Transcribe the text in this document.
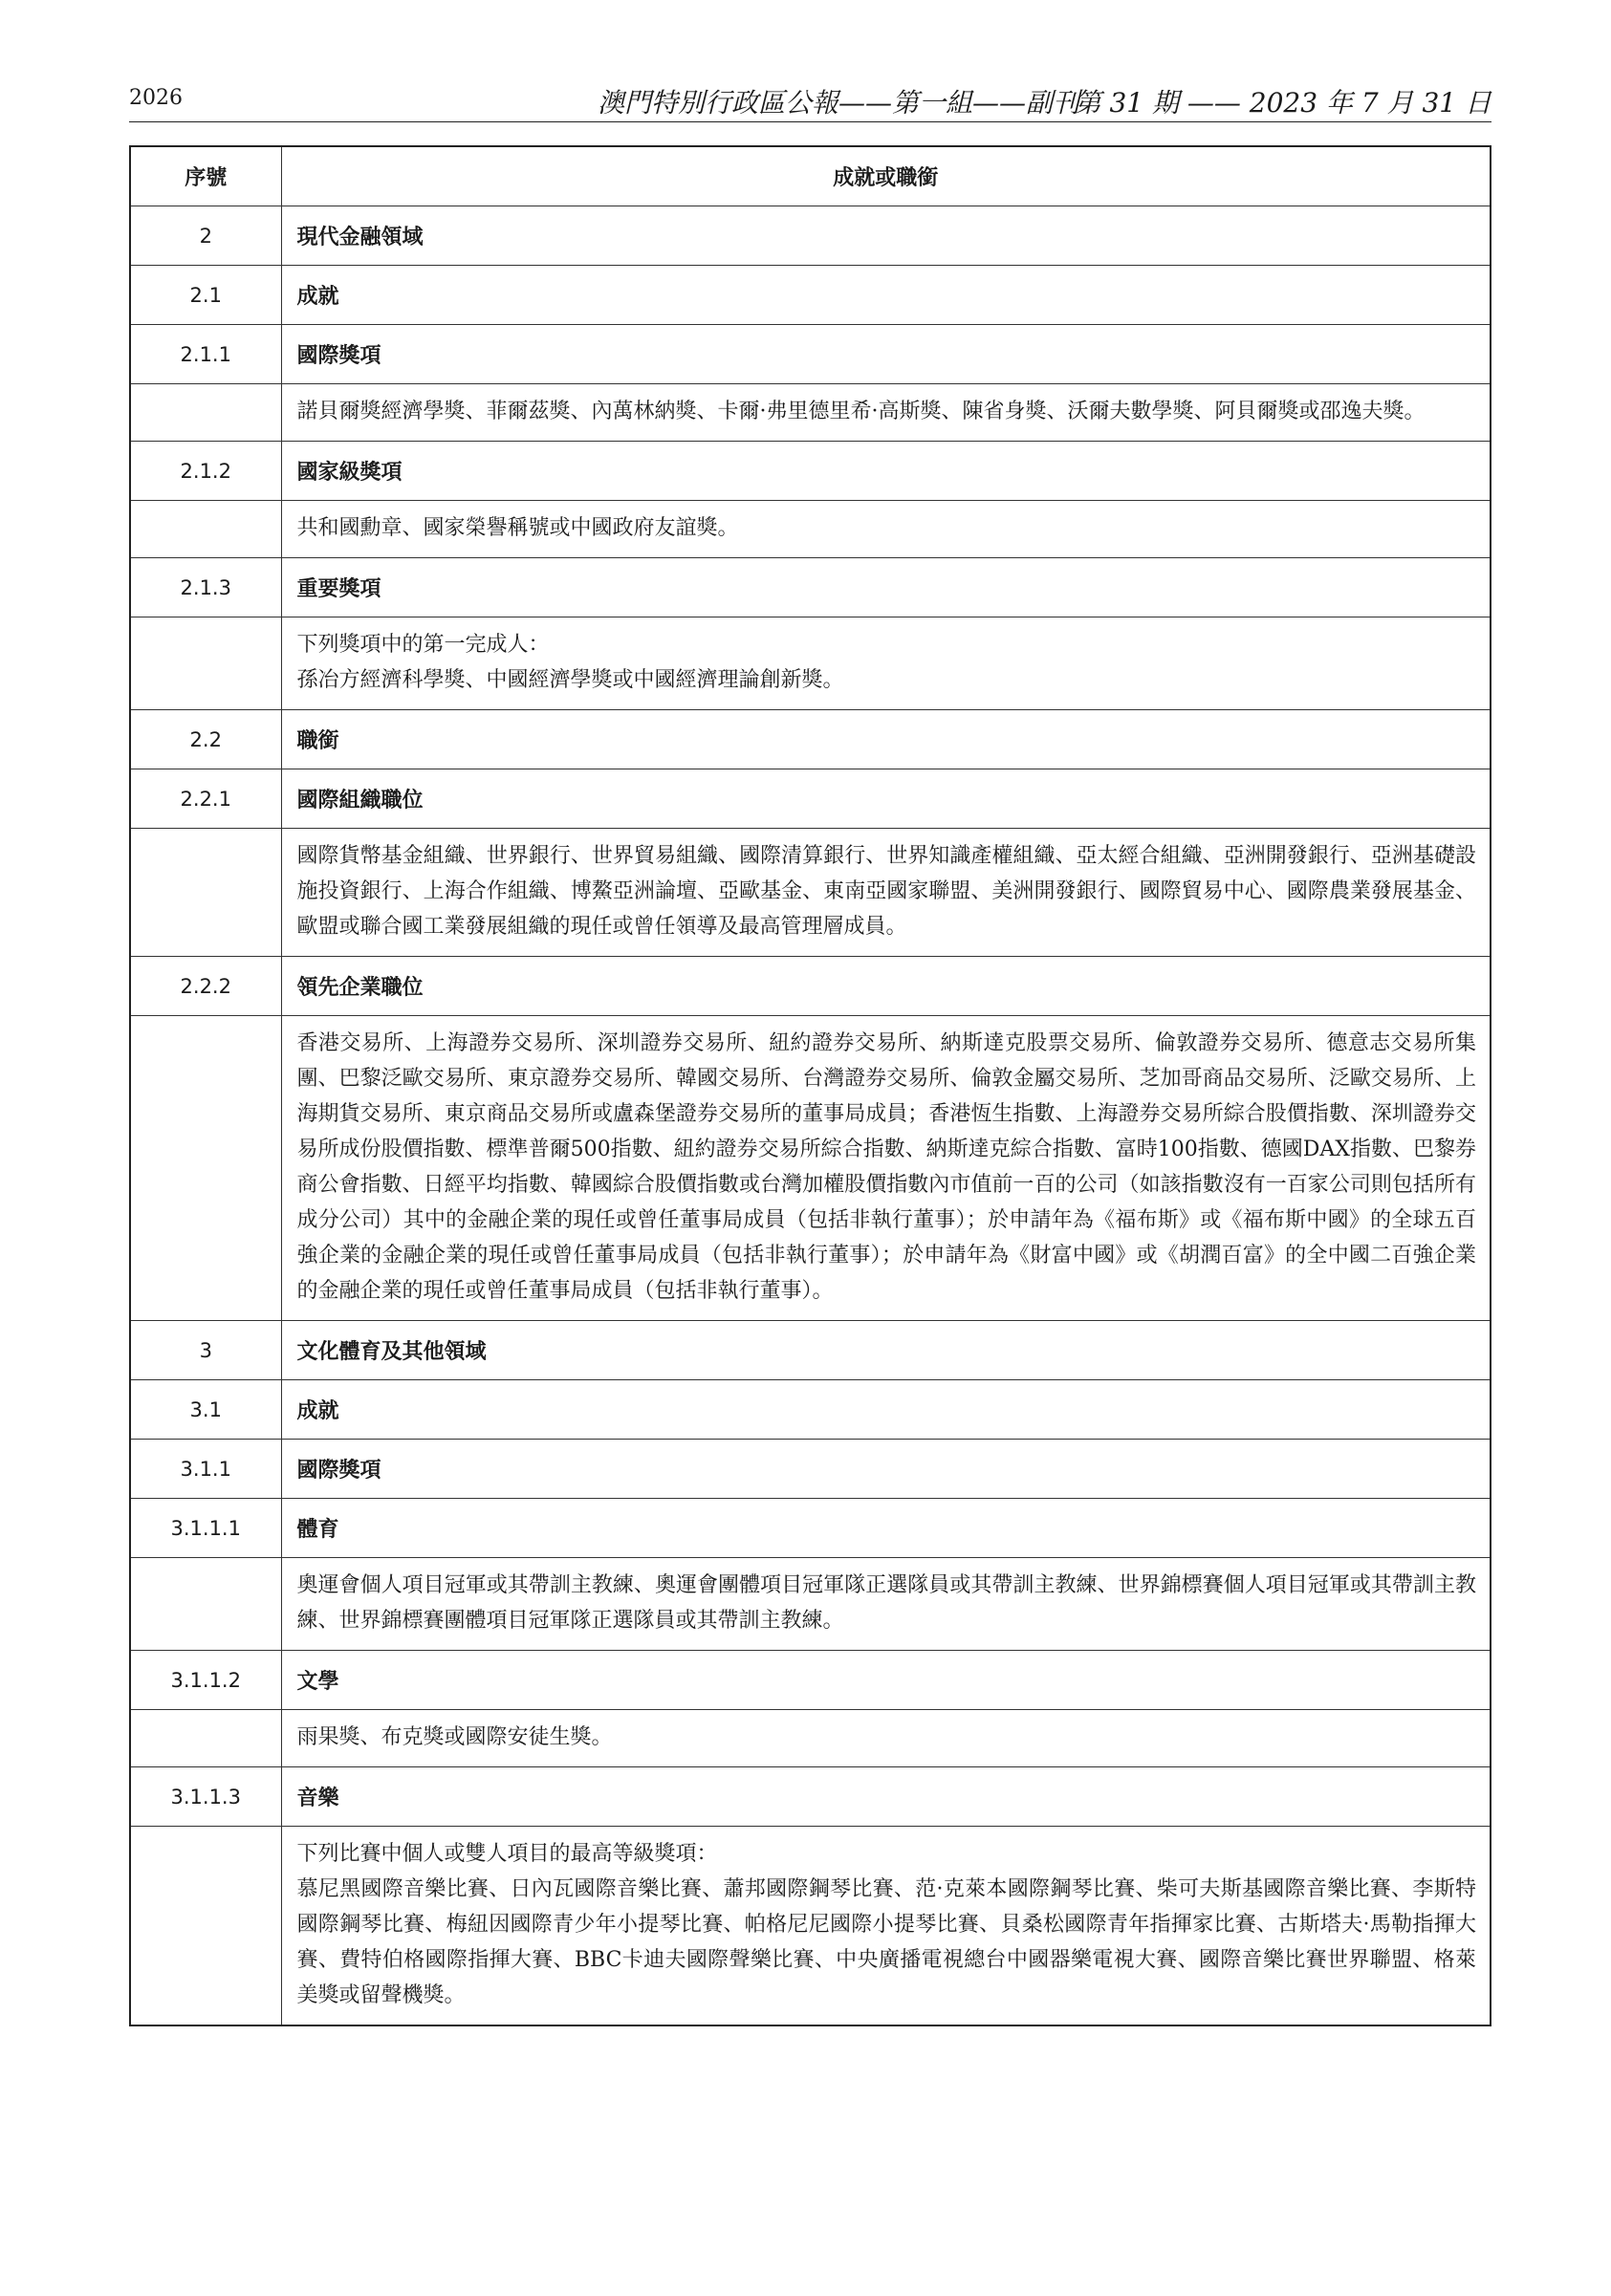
2026	澳門特別行政區公報——第一組——副刊
第 31 期 —— 2023 年 7 月 31 日
序號	成就或職銜
2	現代金融領域
2.1	成就
2.1.1	國際獎項

	諾貝爾獎經濟學獎、菲爾茲獎、內萬林納獎、卡爾·弗里德里希·高斯獎、陳省身獎、沃爾夫數學獎、阿貝爾獎或邵逸夫獎。

2.1.2	國家級獎項

	共和國勳章、國家榮譽稱號或中國政府友誼獎。

2.1.3	重要獎項

	下列獎項中的第一完成人：
孫冶方經濟科學獎、中國經濟學獎或中國經濟理論創新獎。

2.2	職銜
2.2.1	國際組織職位

	國際貨幣基金組織、世界銀行、世界貿易組織、國際清算銀行、世界知識產權組織、亞太經合組織、亞洲開發銀行、亞洲基礎設施投資銀行、上海合作組織、博鰲亞洲論壇、亞歐基金、東南亞國家聯盟、美洲開發銀行、國際貿易中心、國際農業發展基金、歐盟或聯合國工業發展組織的現任或曾任領導及最高管理層成員。

2.2.2	領先企業職位

	香港交易所、上海證券交易所、深圳證券交易所、紐約證券交易所、納斯達克股票交易所、倫敦證券交易所、德意志交易所集團、巴黎泛歐交易所、東京證券交易所、韓國交易所、台灣證券交易所、倫敦金屬交易所、芝加哥商品交易所、泛歐交易所、上海期貨交易所、東京商品交易所或盧森堡證券交易所的董事局成員；香港恆生指數、上海證券交易所綜合股價指數、深圳證券交易所成份股價指數、標準普爾500指數、紐約證券交易所綜合指數、納斯達克綜合指數、富時100指數、德國DAX指數、巴黎券商公會指數、日經平均指數、韓國綜合股價指數或台灣加權股價指數內市值前一百的公司（如該指數沒有一百家公司則包括所有成分公司）其中的金融企業的現任或曾任董事局成員（包括非執行董事）；於申請年為《福布斯》或《福布斯中國》的全球五百強企業的金融企業的現任或曾任董事局成員（包括非執行董事）；於申請年為《財富中國》或《胡潤百富》的全中國二百強企業的金融企業的現任或曾任董事局成員（包括非執行董事）。

3	文化體育及其他領域
3.1	成就
3.1.1	國際獎項
3.1.1.1	體育

	奧運會個人項目冠軍或其帶訓主教練、奧運會團體項目冠軍隊正選隊員或其帶訓主教練、世界錦標賽個人項目冠軍或其帶訓主教練、世界錦標賽團體項目冠軍隊正選隊員或其帶訓主教練。

3.1.1.2	文學

	雨果獎、布克獎或國際安徒生獎。

3.1.1.3	音樂

	下列比賽中個人或雙人項目的最高等級獎項：
慕尼黑國際音樂比賽、日內瓦國際音樂比賽、蕭邦國際鋼琴比賽、范·克萊本國際鋼琴比賽、柴可夫斯基國際音樂比賽、李斯特國際鋼琴比賽、梅紐因國際青少年小提琴比賽、帕格尼尼國際小提琴比賽、貝桑松國際青年指揮家比賽、古斯塔夫·馬勒指揮大賽、費特伯格國際指揮大賽、BBC卡迪夫國際聲樂比賽、中央廣播電視總台中國器樂電視大賽、國際音樂比賽世界聯盟、格萊美獎或留聲機獎。
